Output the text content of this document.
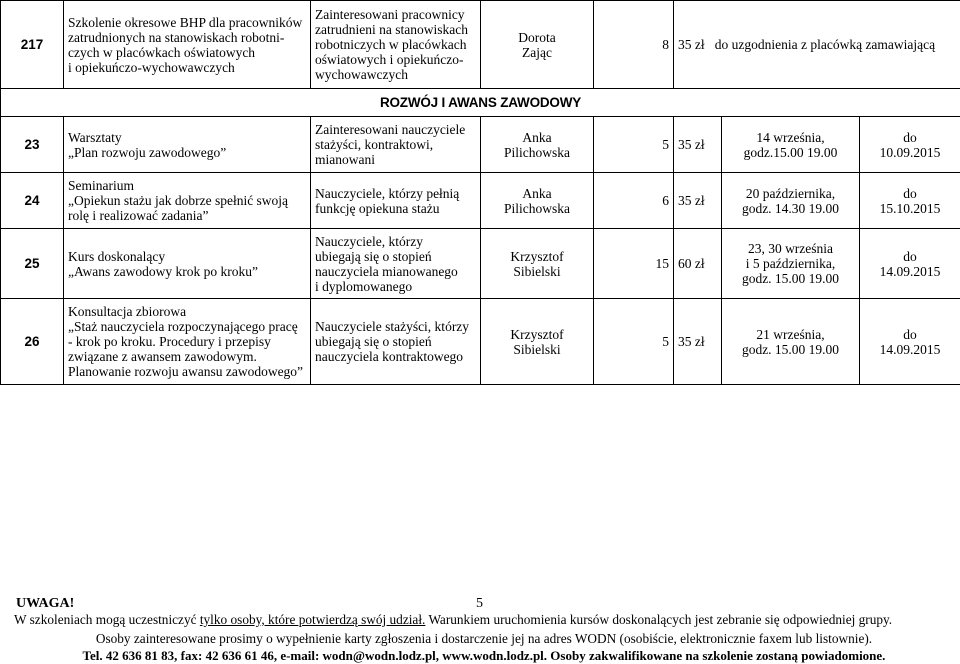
217	Szkolenie okresowe BHP dla pracowników
zatrudnionych na stanowiskach robotni-
czych w placówkach oświatowych
i opiekuńczo-wychowawczych	Zainteresowani pracownicy
zatrudnieni na stanowiskach
robotniczych w placówkach
oświatowych i opiekuńczo-
wychowawczych	Dorota
Zając	8	35 zł do uzgodnienia z placówką zamawiającą		
ROZWÓJ I AWANS ZAWODOWY							
23	Warsztaty
„Plan rozwoju zawodowego”	Zainteresowani nauczyciele
stażyści, kontraktowi,
mianowani	Anka
Pilichowska	5	35 zł	14 września,
godz.15.00 19.00	do
10.09.2015

24	Seminarium
„Opiekun stażu jak dobrze spełnić swoją
rolę i realizować zadania”	Nauczyciele, którzy pełnią
funkcję opiekuna stażu	Anka
Pilichowska	6	35 zł	20 października,
godz. 14.30 19.00	do
15.10.2015

25	Kurs doskonalący
„Awans zawodowy krok po kroku”	Nauczyciele, którzy
ubiegają się o stopień
nauczyciela mianowanego
i dyplomowanego	Krzysztof
Sibielski	15	60 zł	23, 30 września
i 5 października,
godz. 15.00 19.00	do
14.09.2015

26	Konsultacja zbiorowa
„Staż nauczyciela rozpoczynającego pracę
- krok po kroku. Procedury i przepisy
związane z awansem zawodowym.
Planowanie rozwoju awansu zawodowego”	Nauczyciele stażyści, którzy
ubiegają się o stopień
nauczyciela kontraktowego	Krzysztof
Sibielski	5	35 zł	21 września,
godz. 15.00 19.00	do
14.09.2015
UWAGA!	5
W szkoleniach mogą uczestniczyć tylko osoby, które potwierdzą swój udział. Warunkiem uruchomienia kursów doskonalących jest zebranie się odpowiedniej grupy.
Osoby zainteresowane prosimy o wypełnienie karty zgłoszenia i dostarczenie jej na adres WODN (osobiście, elektronicznie faxem lub listownie).
Tel. 42 636 81 83, fax: 42 636 61 46, e-mail: wodn@wodn.lodz.pl, www.wodn.lodz.pl. Osoby zakwalifikowane na szkolenie zostaną powiadomione.
